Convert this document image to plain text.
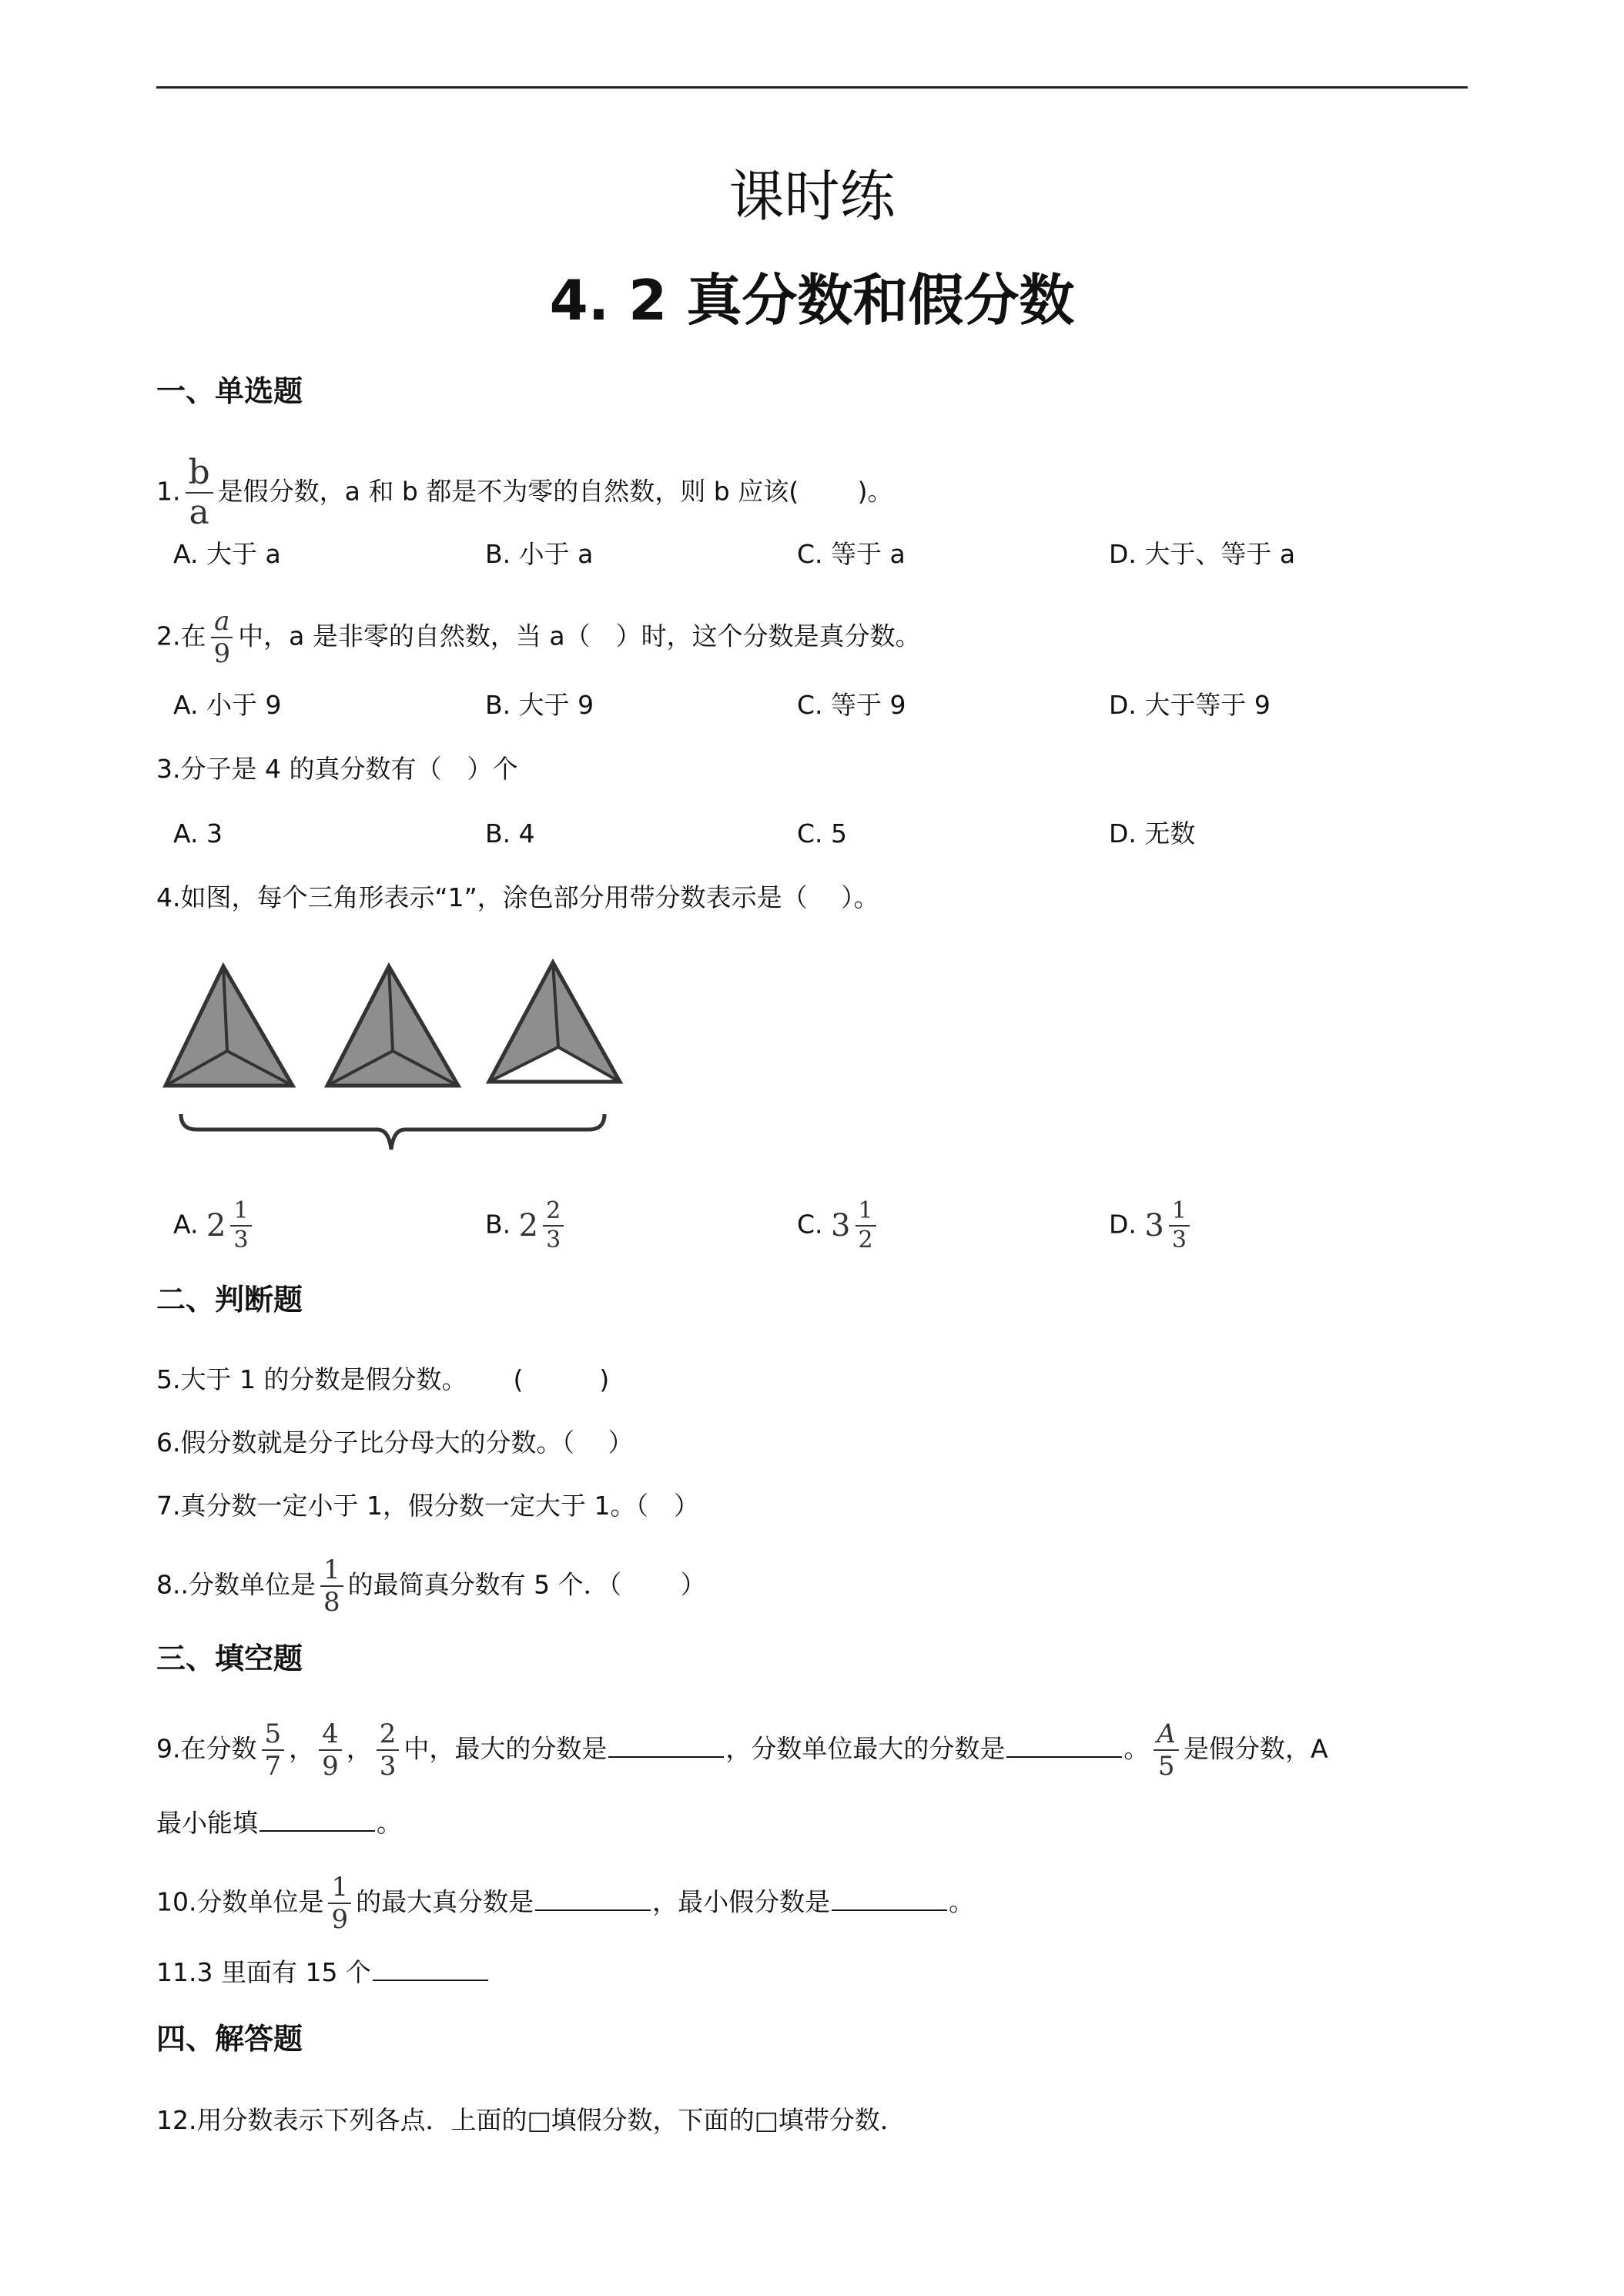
课时练
4. 2 真分数和假分数
一、单选题
1. $\frac{b}{a}$ 是假分数，a 和 b 都是不为零的自然数，则 b 应该(　　 )。
A. 大于 a	B. 小于 a	C. 等于 a	D. 大于、等于 a
2.在 $\frac{a}{9}$ 中，a 是非零的自然数，当 a（　）时，这个分数是真分数。
A. 小于 9	B. 大于 9	C. 等于 9	D. 大于等于 9
3.分子是 4 的真分数有（　）个
A. 3	B. 4	C. 5	D. 无数
4.如图，每个三角形表示“1”，涂色部分用带分数表示是（　 ）。
A. $2 \frac{1}{3}$	B. $2 \frac{2}{3}$	C. $3 \frac{1}{2}$	D. $3 \frac{1}{3}$
二、判断题
5.大于 1 的分数是假分数。　　 (　　　)
6.假分数就是分子比分母大的分数。（　 ）
7.真分数一定小于 1，假分数一定大于 1。（　）
8..分数单位是 $\frac{1}{8}$ 的最简真分数有 5 个．（　　 ）
三、填空题
9.在分数 $\frac{5}{7}$ ， $\frac{4}{9}$ ， $\frac{2}{3}$ 中，最大的分数是	，分数单位最大的分数是	。 $\frac{A}{5}$ 是假分数，A
最小能填	。
10.分数单位是 $\frac{1}{9}$ 的最大真分数是	，最小假分数是	。
11.3 里面有 15 个
四、解答题
12.用分数表示下列各点．上面的□填假分数，下面的□填带分数．
